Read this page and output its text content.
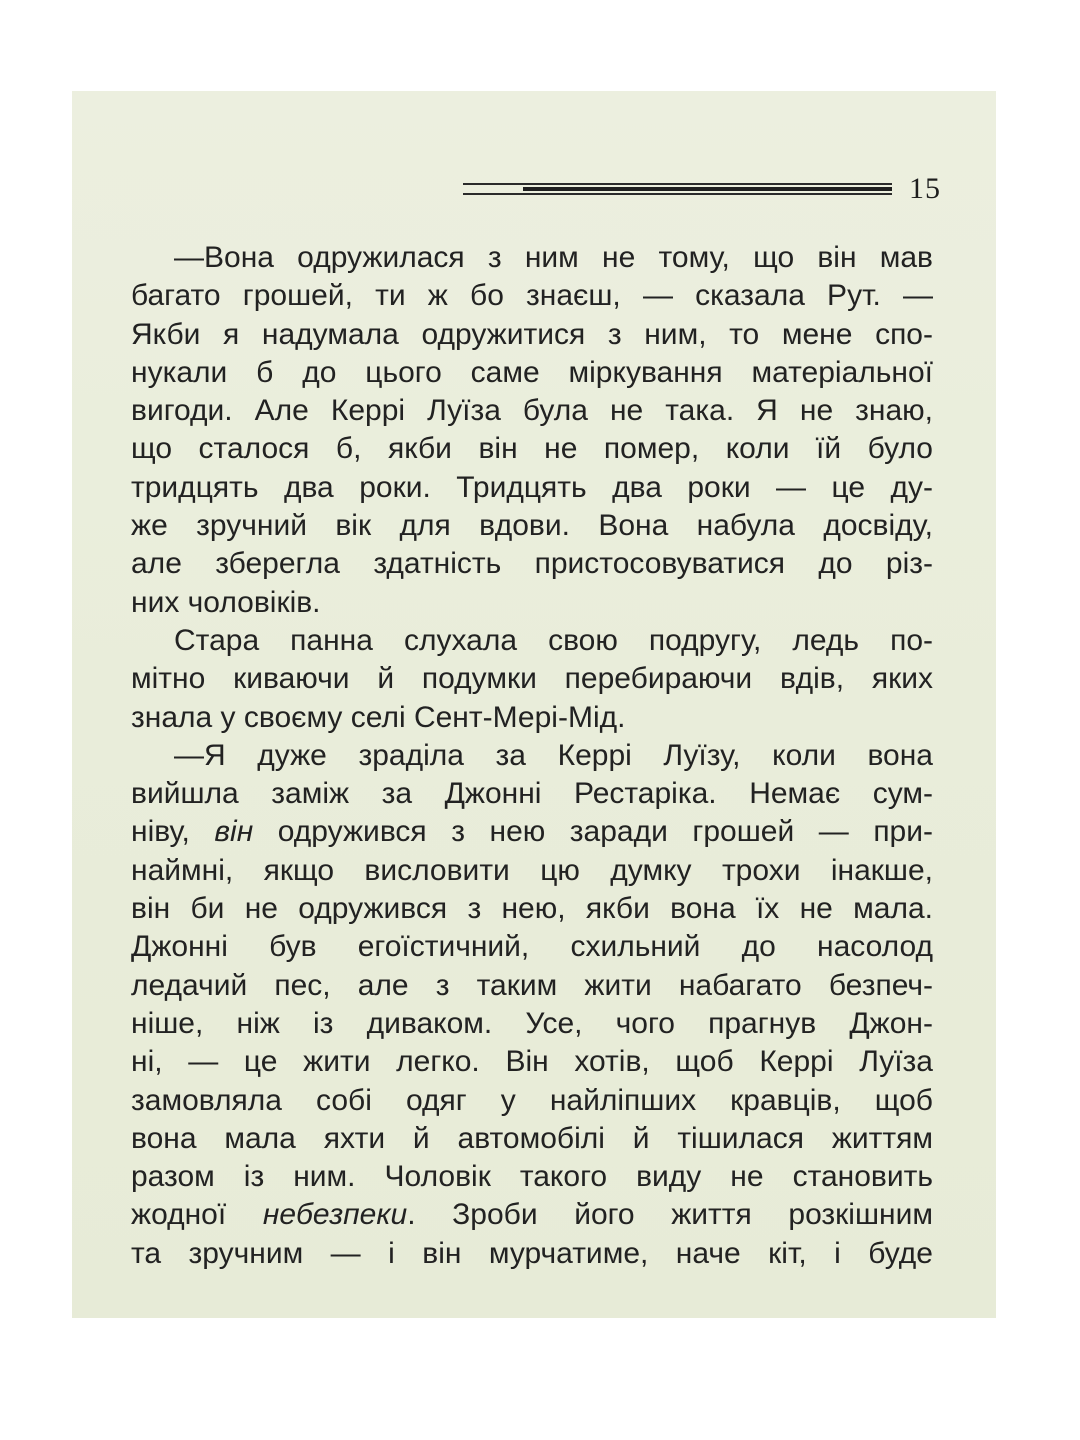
15
—Вона одружилася з ним не тому, що він мав
багато грошей, ти ж бо знаєш, — сказала Рут. —
Якби я надумала одружитися з ним, то мене спо-
нукали б до цього саме міркування матеріальної
вигоди. Але Керрі Луїза була не така. Я не знаю,
що сталося б, якби він не помер, коли їй було
тридцять два роки. Тридцять два роки — це ду-
же зручний вік для вдови. Вона набула досвіду,
але зберегла здатність пристосовуватися до різ-
них чоловіків.
Стара панна слухала свою подругу, ледь по-
мітно киваючи й подумки перебираючи вдів, яких
знала у своєму селі Сент-Мері-Мід.
—Я дуже зраділа за Керрі Луїзу, коли вона
вийшла заміж за Джонні Рестаріка. Немає сум-
ніву, він одружився з нею заради грошей — при-
наймні, якщо висловити цю думку трохи інакше,
він би не одружився з нею, якби вона їх не мала.
Джонні був егоїстичний, схильний до насолод
ледачий пес, але з таким жити набагато безпеч-
ніше, ніж із диваком. Усе, чого прагнув Джон-
ні, — це жити легко. Він хотів, щоб Керрі Луїза
замовляла собі одяг у найліпших кравців, щоб
вона мала яхти й автомобілі й тішилася життям
разом із ним. Чоловік такого виду не становить
жодної небезпеки. Зроби його життя розкішним
та зручним — і він мурчатиме, наче кіт, і буде
